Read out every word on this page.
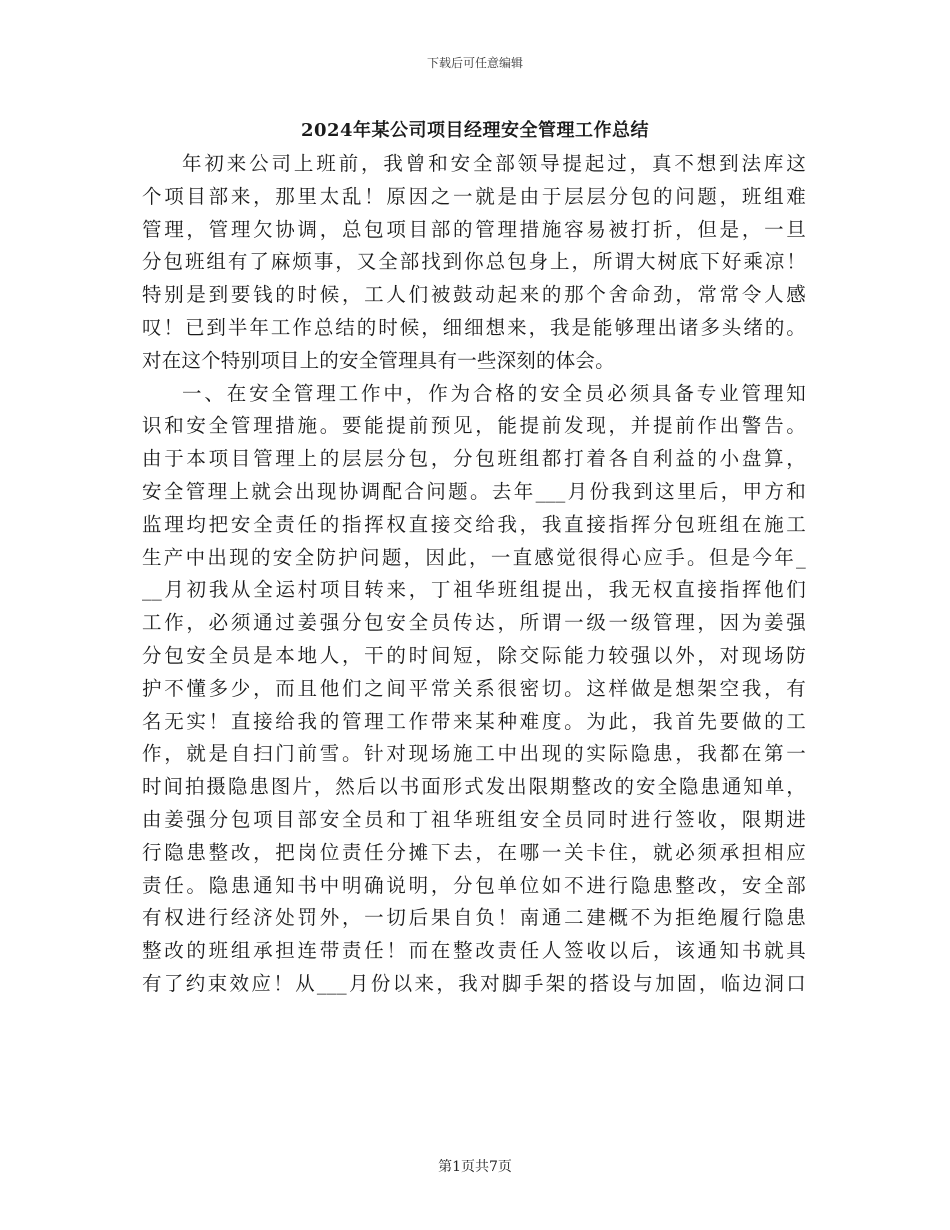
下载后可任意编辑
2024年某公司项目经理安全管理工作总结
年初来公司上班前，我曾和安全部领导提起过，真不想到法库这
个项目部来，那里太乱！原因之一就是由于层层分包的问题，班组难
管理，管理欠协调，总包项目部的管理措施容易被打折，但是，一旦
分包班组有了麻烦事，又全部找到你总包身上，所谓大树底下好乘凉！
特别是到要钱的时候，工人们被鼓动起来的那个舍命劲，常常令人感
叹！已到半年工作总结的时候，细细想来，我是能够理出诸多头绪的。
对在这个特别项目上的安全管理具有一些深刻的体会。
一、在安全管理工作中，作为合格的安全员必须具备专业管理知
识和安全管理措施。要能提前预见，能提前发现，并提前作出警告。
由于本项目管理上的层层分包，分包班组都打着各自利益的小盘算，
安全管理上就会出现协调配合问题。去年___月份我到这里后，甲方和
监理均把安全责任的指挥权直接交给我，我直接指挥分包班组在施工
生产中出现的安全防护问题，因此，一直感觉很得心应手。但是今年_
__月初我从全运村项目转来，丁祖华班组提出，我无权直接指挥他们
工作，必须通过姜强分包安全员传达，所谓一级一级管理，因为姜强
分包安全员是本地人，干的时间短，除交际能力较强以外，对现场防
护不懂多少，而且他们之间平常关系很密切。这样做是想架空我，有
名无实！直接给我的管理工作带来某种难度。为此，我首先要做的工
作，就是自扫门前雪。针对现场施工中出现的实际隐患，我都在第一
时间拍摄隐患图片，然后以书面形式发出限期整改的安全隐患通知单，
由姜强分包项目部安全员和丁祖华班组安全员同时进行签收，限期进
行隐患整改，把岗位责任分摊下去，在哪一关卡住，就必须承担相应
责任。隐患通知书中明确说明，分包单位如不进行隐患整改，安全部
有权进行经济处罚外，一切后果自负！南通二建概不为拒绝履行隐患
整改的班组承担连带责任！而在整改责任人签收以后，该通知书就具
有了约束效应！从___月份以来，我对脚手架的搭设与加固，临边洞口
第1页共7页
